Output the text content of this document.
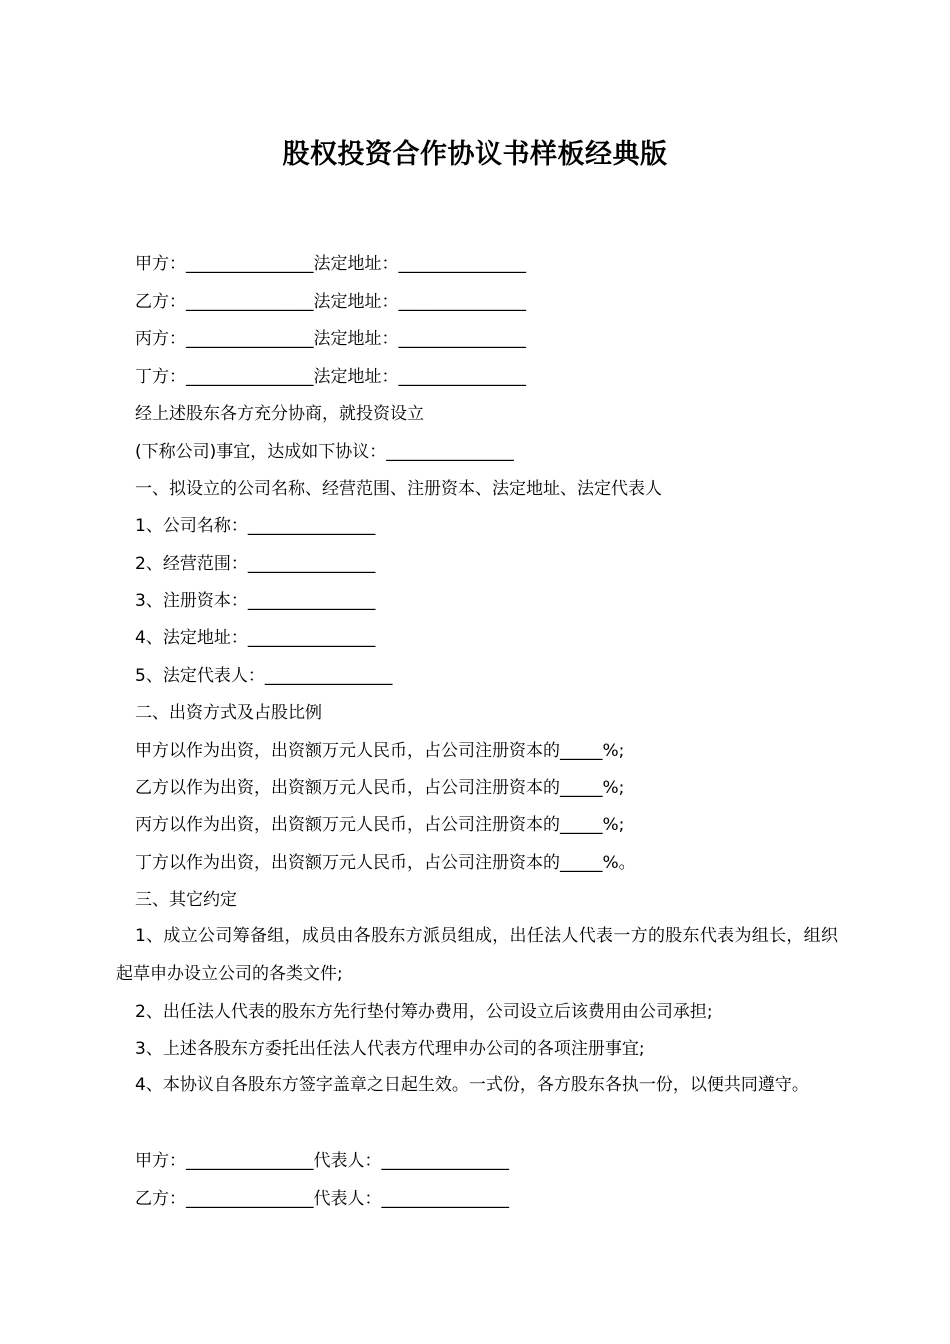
股权投资合作协议书样板经典版
甲方：_______________法定地址：_______________
乙方：_______________法定地址：_______________
丙方：_______________法定地址：_______________
丁方：_______________法定地址：_______________
经上述股东各方充分协商，就投资设立
(下称公司)事宜，达成如下协议：_______________
一、拟设立的公司名称、经营范围、注册资本、法定地址、法定代表人
1、公司名称：_______________
2、经营范围：_______________
3、注册资本：_______________
4、法定地址：_______________
5、法定代表人：_______________
二、出资方式及占股比例
甲方以作为出资，出资额万元人民币，占公司注册资本的_____%;
乙方以作为出资，出资额万元人民币，占公司注册资本的_____%;
丙方以作为出资，出资额万元人民币，占公司注册资本的_____%;
丁方以作为出资，出资额万元人民币，占公司注册资本的_____%。
三、其它约定
1、成立公司筹备组，成员由各股东方派员组成，出任法人代表一方的股东代表为组长，组织起草申办设立公司的各类文件;
2、出任法人代表的股东方先行垫付筹办费用，公司设立后该费用由公司承担;
3、上述各股东方委托出任法人代表方代理申办公司的各项注册事宜;
4、本协议自各股东方签字盖章之日起生效。一式份，各方股东各执一份，以便共同遵守。
甲方：_______________代表人：_______________
乙方：_______________代表人：_______________
